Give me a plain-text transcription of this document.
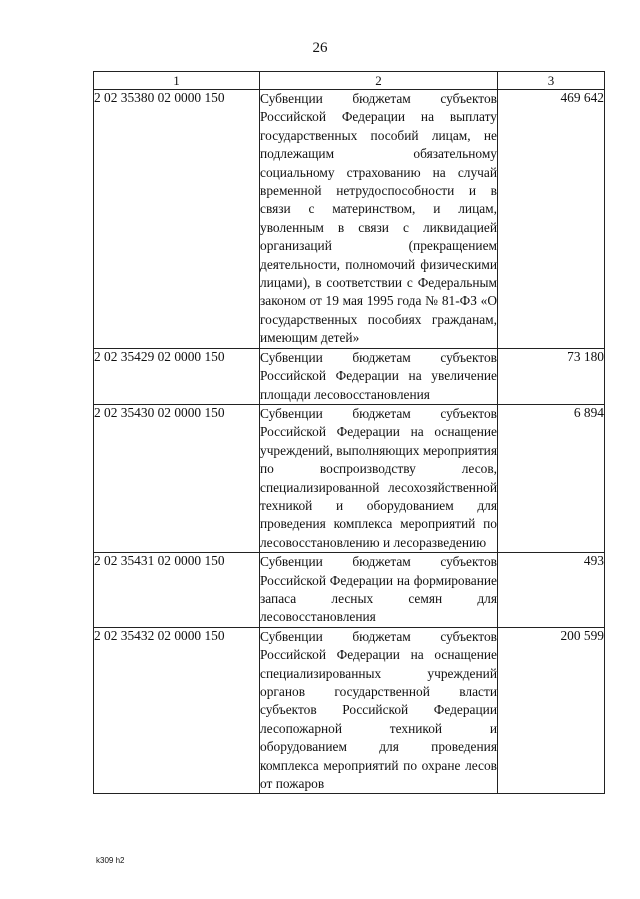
26
1	2	3
2 02 35380 02 0000 150	Субвенции бюджетам субъектов Российской Федерации на выплату государственных пособий лицам, не подлежащим обязательному социальному страхованию на случай временной нетрудоспособности и в связи с материнством, и лицам, уволенным в связи с ликвидацией организаций (прекращением деятельности, полномочий физическими лицами), в соответствии с Федеральным законом от 19 мая 1995 года № 81-ФЗ «О государственных пособиях гражданам, имеющим детей»	469 642
2 02 35429 02 0000 150	Субвенции бюджетам субъектов Российской Федерации на увеличение площади лесовосстановления	73 180
2 02 35430 02 0000 150	Субвенции бюджетам субъектов Российской Федерации на оснащение учреждений, выполняющих мероприятия по воспроизводству лесов, специализированной лесохозяйственной техникой и оборудованием для проведения комплекса мероприятий по лесовосстановлению и лесоразведению	6 894
2 02 35431 02 0000 150	Субвенции бюджетам субъектов Российской Федерации на формирование запаса лесных семян для лесовосстановления	493
2 02 35432 02 0000 150	Субвенции бюджетам субъектов Российской Федерации на оснащение специализированных учреждений органов государственной власти субъектов Российской Федерации лесопожарной техникой и оборудованием для проведения комплекса мероприятий по охране лесов от пожаров	200 599
k309 h2
